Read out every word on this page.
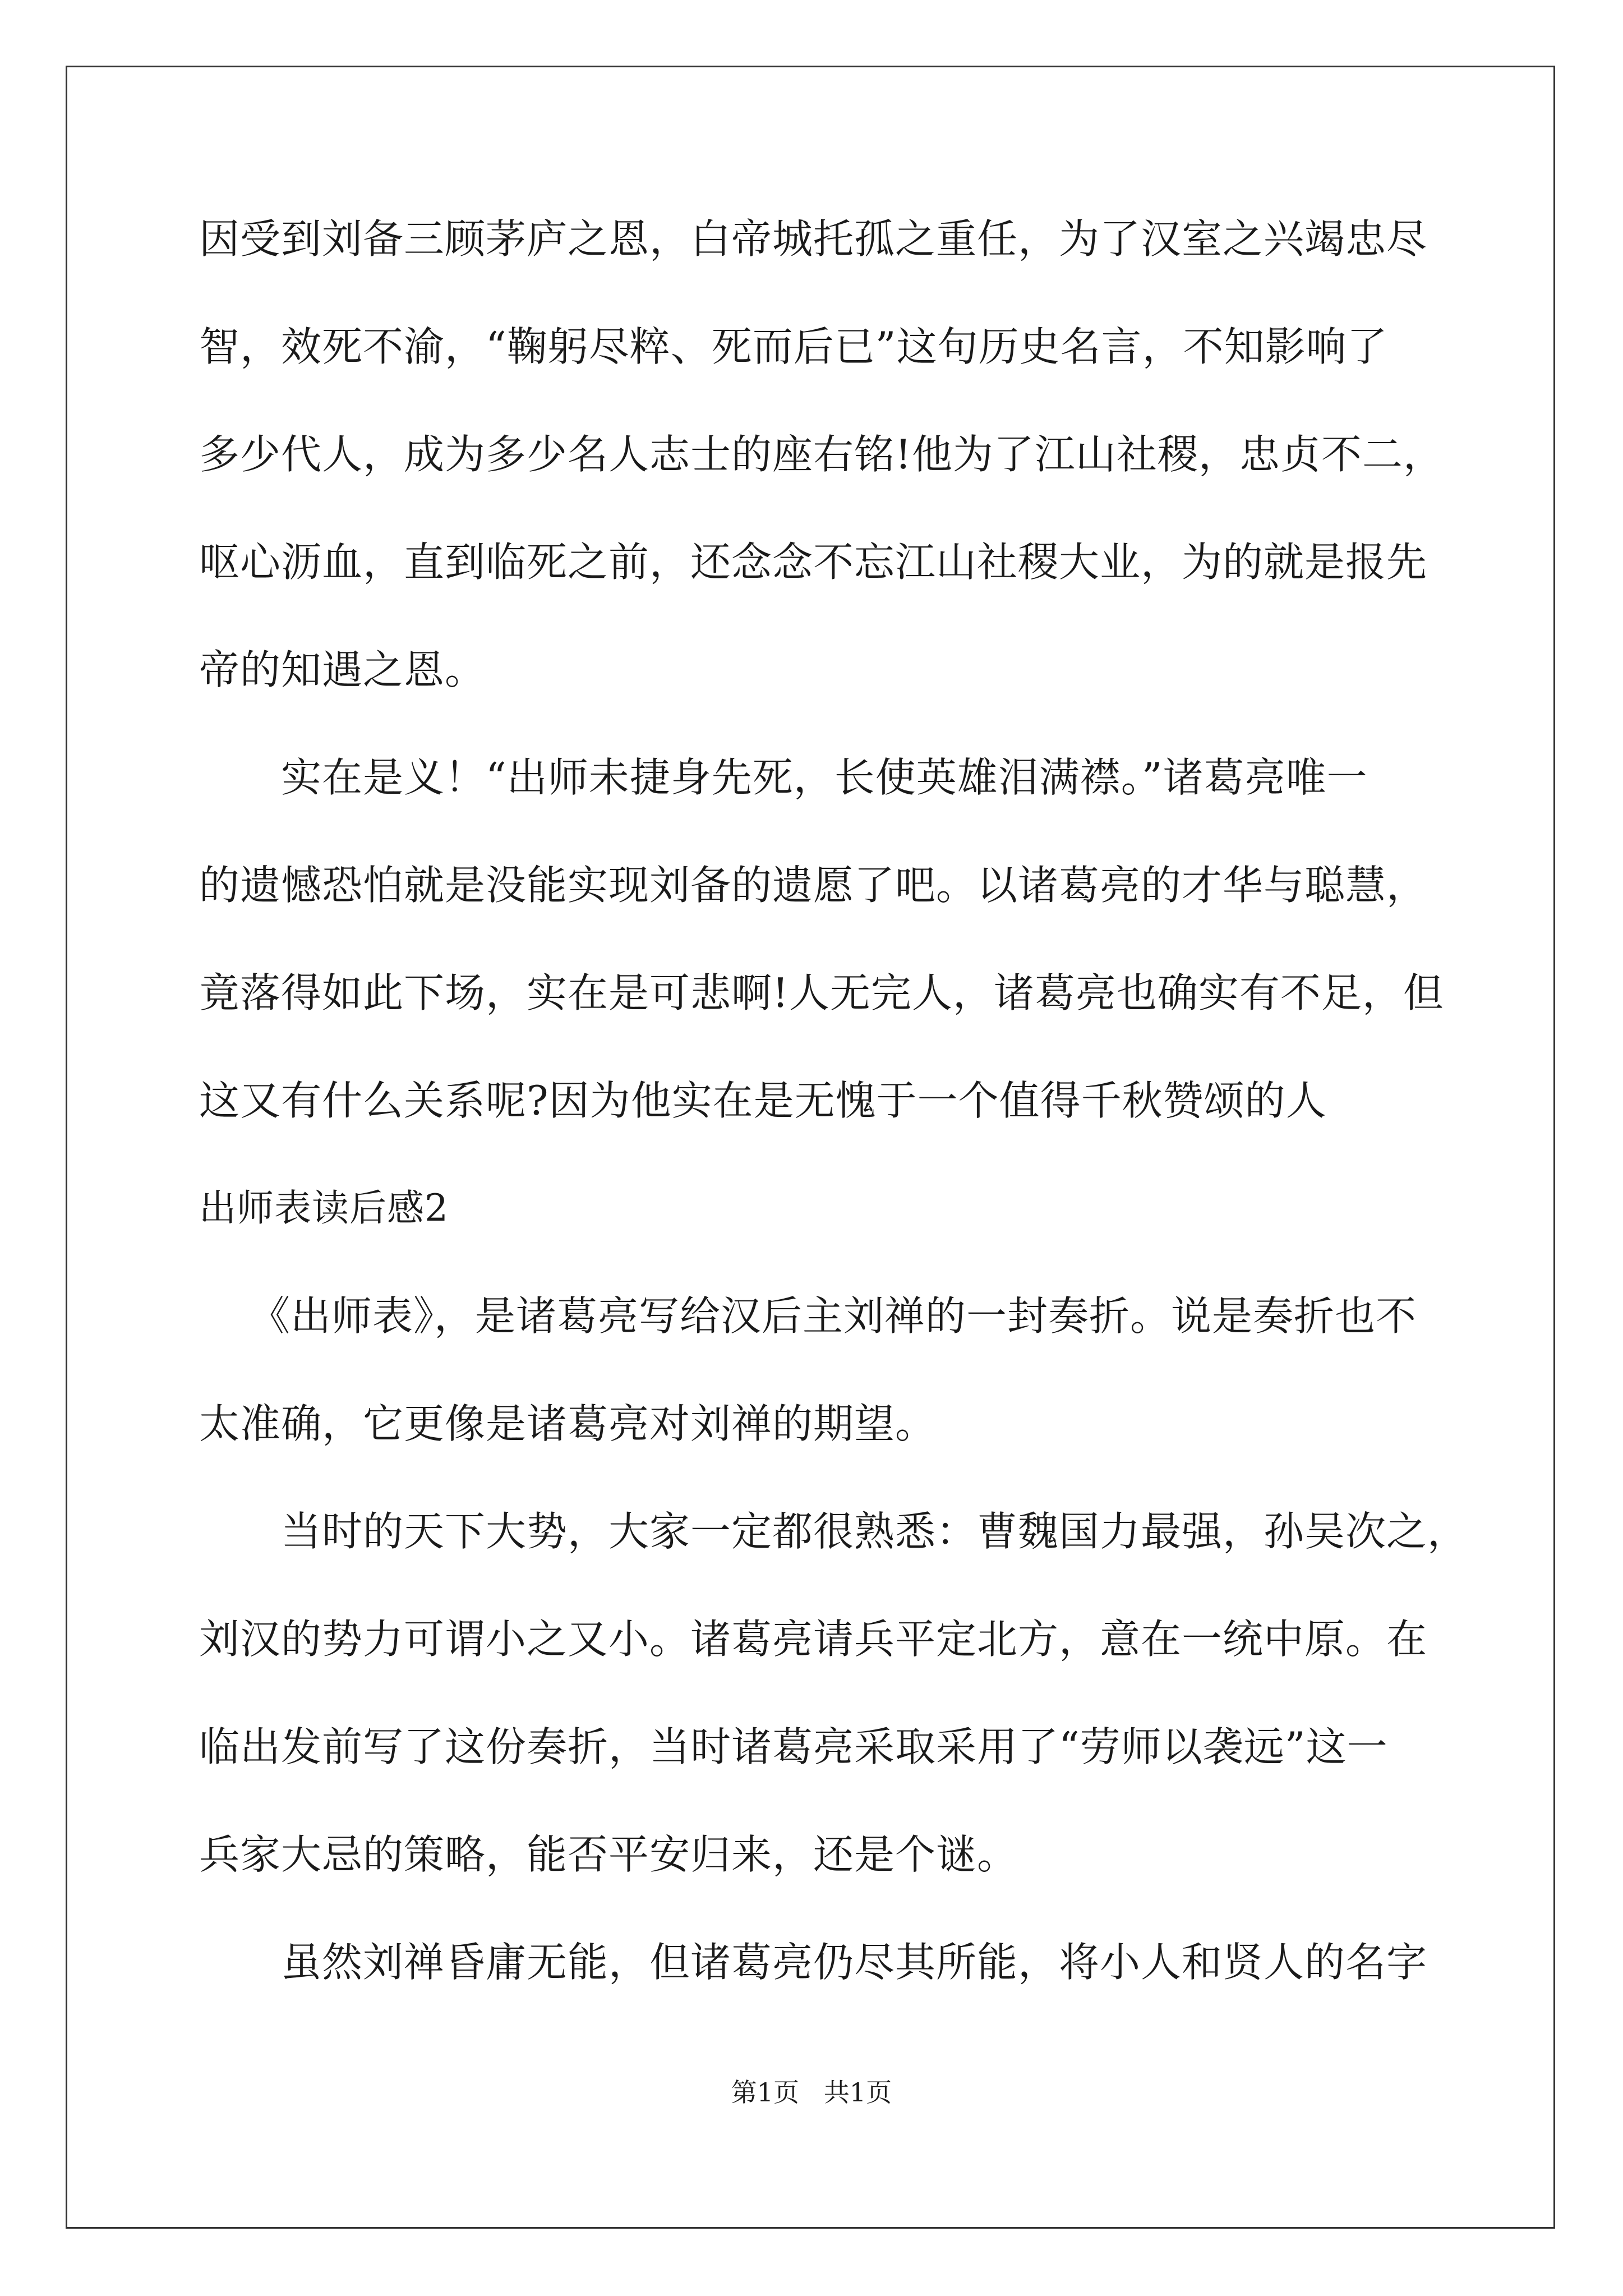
因受到刘备三顾茅庐之恩，白帝城托孤之重任，为了汉室之兴竭忠尽
智，效死不渝，“鞠躬尽粹、死而后已”这句历史名言，不知影响了
多少代人，成为多少名人志士的座右铭!他为了江山社稷，忠贞不二，
呕心沥血，直到临死之前，还念念不忘江山社稷大业，为的就是报先
帝的知遇之恩。
实在是义！“出师未捷身先死，长使英雄泪满襟。”诸葛亮唯一
的遗憾恐怕就是没能实现刘备的遗愿了吧。以诸葛亮的才华与聪慧，
竟落得如此下场，实在是可悲啊!人无完人，诸葛亮也确实有不足，但
这又有什么关系呢?因为他实在是无愧于一个值得千秋赞颂的人
出师表读后感2
《出师表》，是诸葛亮写给汉后主刘禅的一封奏折。说是奏折也不
太准确，它更像是诸葛亮对刘禅的期望。
当时的天下大势，大家一定都很熟悉：曹魏国力最强，孙吴次之，
刘汉的势力可谓小之又小。诸葛亮请兵平定北方，意在一统中原。在
临出发前写了这份奏折，当时诸葛亮采取采用了“劳师以袭远”这一
兵家大忌的策略，能否平安归来，还是个谜。
虽然刘禅昏庸无能，但诸葛亮仍尽其所能，将小人和贤人的名字
第1页   共1页
